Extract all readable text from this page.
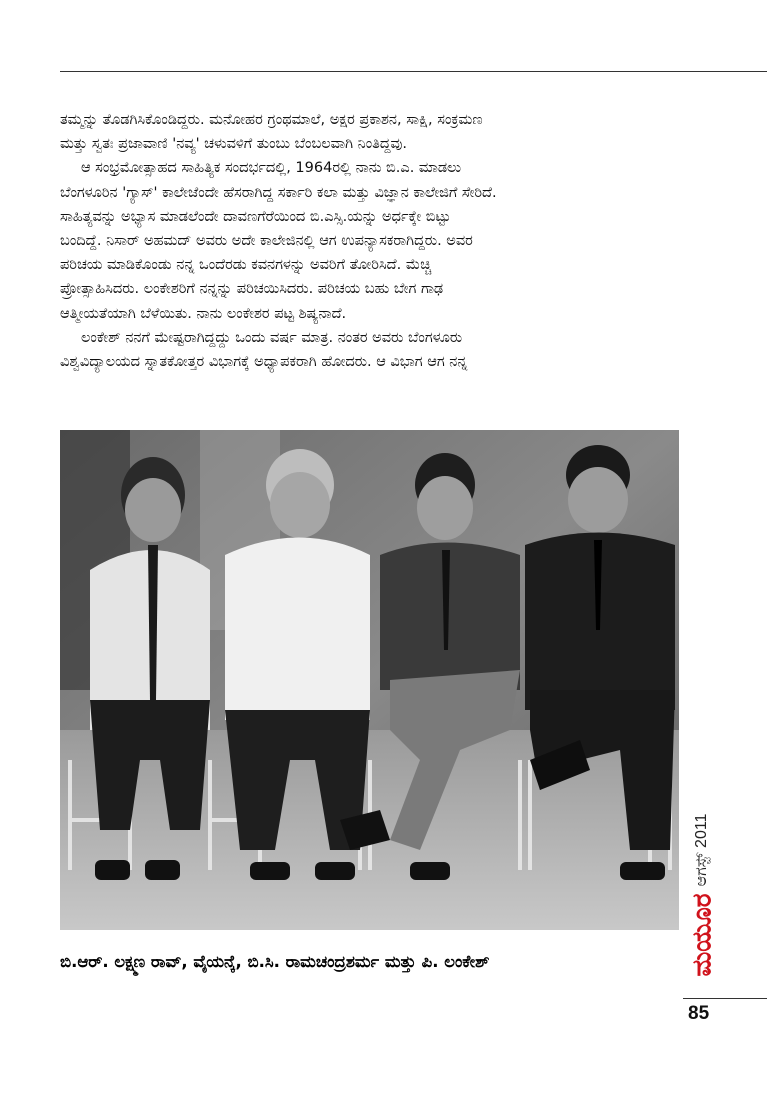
ತಮ್ಮನ್ನು ತೊಡಗಿಸಿಕೊಂಡಿದ್ದರು. ಮನೋಹರ ಗ್ರಂಥಮಾಲೆ, ಅಕ್ಷರ ಪ್ರಕಾಶನ, ಸಾಕ್ಷಿ, ಸಂಕ್ರಮಣ

ಮತ್ತು ಸ್ವತಃ ಪ್ರಜಾವಾಣಿ 'ನವ್ಯ' ಚಳುವಳಿಗೆ ತುಂಬು ಬೆಂಬಲವಾಗಿ ನಿಂತಿದ್ದವು.

ಆ ಸಂಭ್ರಮೋತ್ಸಾಹದ ಸಾಹಿತ್ಯಿಕ ಸಂದರ್ಭದಲ್ಲಿ, 1964ರಲ್ಲಿ ನಾನು ಬಿ.ಎ. ಮಾಡಲು

ಬೆಂಗಳೂರಿನ 'ಗ್ಯಾಸ್' ಕಾಲೇಜೆಂದೇ ಹೆಸರಾಗಿದ್ದ ಸರ್ಕಾರಿ ಕಲಾ ಮತ್ತು ವಿಜ್ಞಾನ ಕಾಲೇಜಿಗೆ ಸೇರಿದೆ.

ಸಾಹಿತ್ಯವನ್ನು ಅಭ್ಯಾಸ ಮಾಡಲೆಂದೇ ದಾವಣಗೆರೆಯಿಂದ ಬಿ.ಎಸ್ಸಿ.ಯನ್ನು ಅರ್ಧಕ್ಕೇ ಬಿಟ್ಟು

ಬಂದಿದ್ದೆ. ನಿಸಾರ್ ಅಹಮದ್ ಅವರು ಅದೇ ಕಾಲೇಜಿನಲ್ಲಿ ಆಗ ಉಪನ್ಯಾಸಕರಾಗಿದ್ದರು. ಅವರ

ಪರಿಚಯ ಮಾಡಿಕೊಂಡು ನನ್ನ ಒಂದೆರಡು ಕವನಗಳನ್ನು ಅವರಿಗೆ ತೋರಿಸಿದೆ. ಮೆಚ್ಚಿ

ಪ್ರೋತ್ಸಾಹಿಸಿದರು. ಲಂಕೇಶರಿಗೆ ನನ್ನನ್ನು ಪರಿಚಯಿಸಿದರು. ಪರಿಚಯ ಬಹು ಬೇಗ ಗಾಢ

ಆತ್ಮೀಯತೆಯಾಗಿ ಬೆಳೆಯಿತು. ನಾನು ಲಂಕೇಶರ ಪಟ್ಟ ಶಿಷ್ಯನಾದೆ.

ಲಂಕೇಶ್ ನನಗೆ ಮೇಷ್ಟರಾಗಿದ್ದದ್ದು ಒಂದು ವರ್ಷ ಮಾತ್ರ. ನಂತರ ಅವರು ಬೆಂಗಳೂರು

ವಿಶ್ವವಿದ್ಯಾಲಯದ ಸ್ನಾತಕೋತ್ತರ ವಿಭಾಗಕ್ಕೆ ಅಧ್ಯಾಪಕರಾಗಿ ಹೋದರು. ಆ ವಿಭಾಗ ಆಗ ನನ್ನ

ಬಿ.ಆರ್. ಲಕ್ಷ್ಮಣ ರಾವ್, ವೈಯನ್ಕೆ, ಬಿ.ಸಿ. ರಾಮಚಂದ್ರಶರ್ಮ ಮತ್ತು ಪಿ. ಲಂಕೇಶ್
ಆಗಸ್ಟ್ 2011
ಮಯೂರ
85
